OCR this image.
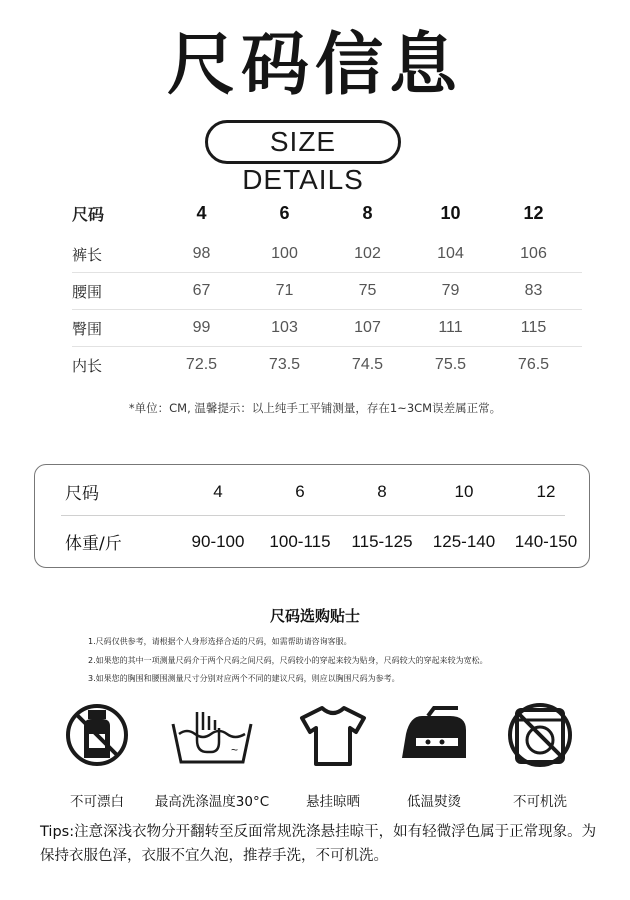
尺码信息
SIZE DETAILS
尺码	4	6	8	10	12
裤长	98	100	102	104	106
腰围	67	71	75	79	83
臀围	99	103	107	111	115
内长	72.5	73.5	74.5	75.5	76.5
*单位：CM, 温馨提示：以上纯手工平铺测量，存在1~3CM误差属正常。
尺码	4	6	8	10	12
体重/斤	90-100	100-115	115-125	125-140	140-150
尺码选购贴士
1.尺码仅供参考，请根据个人身形选择合适的尺码，如需帮助请咨询客服。
2.如果您的其中一项测量尺码介于两个尺码之间尺码，尺码较小的穿起来较为贴身，尺码较大的穿起来较为宽松。
3.如果您的胸围和腰围测量尺寸分别对应两个不同的建议尺码，则应以胸围尺码为参考。
不可漂白
~
最高洗涤温度30°C	悬挂晾晒	低温熨烫	不可机洗
Tips:注意深浅衣物分开翻转至反面常规洗涤悬挂晾干，如有轻微浮色属于正常现象。为保持衣服色泽，衣服不宜久泡，推荐手洗，不可机洗。
